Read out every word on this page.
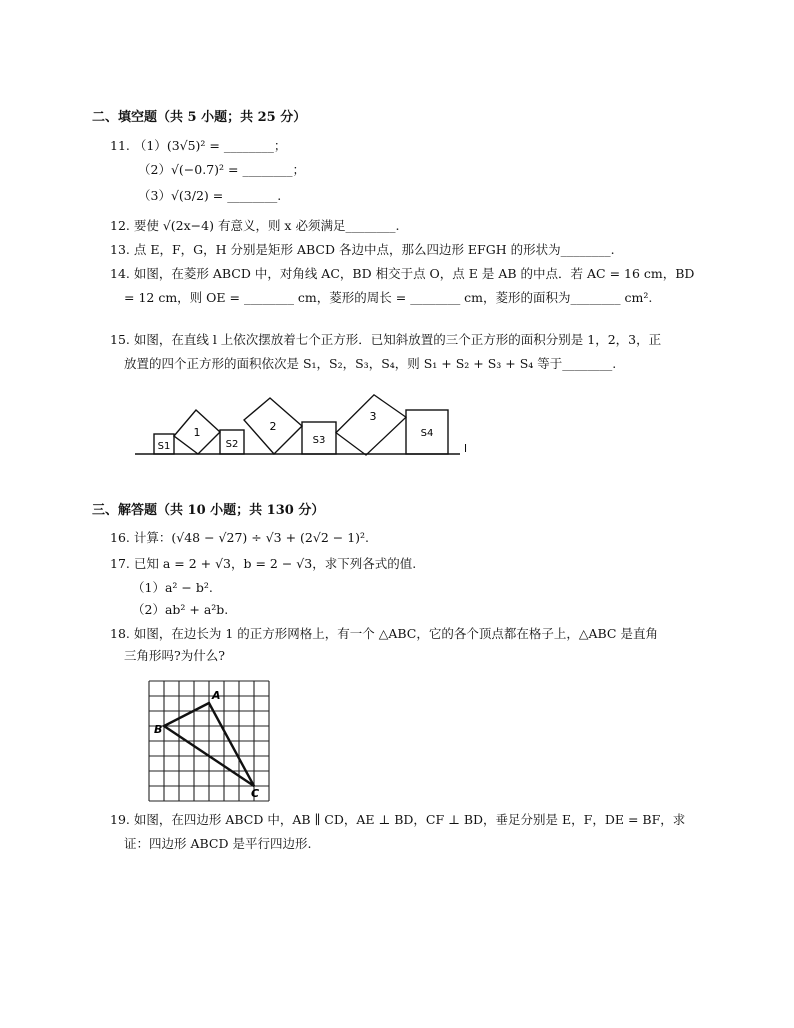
二、填空题（共 5 小题；共 25 分）
11. （1）(3√5)² = ________；
（2）√(−0.7)² = ________；
（3）√(3/2) = ________.
12. 要使 √(2x−4) 有意义，则 x 必须满足________.
13. 点 E，F，G，H 分别是矩形 ABCD 各边中点，那么四边形 EFGH 的形状为________.
14. 如图，在菱形 ABCD 中，对角线 AC，BD 相交于点 O，点 E 是 AB 的中点．若 AC = 16 cm，BD
= 12 cm，则 OE = ________ cm，菱形的周长 = ________ cm，菱形的面积为________ cm².
15. 如图，在直线 l 上依次摆放着七个正方形．已知斜放置的三个正方形的面积分别是 1，2，3，正
放置的四个正方形的面积依次是 S₁，S₂，S₃，S₄，则 S₁ + S₂ + S₃ + S₄ 等于________.
S1
1
S2
2
S3
3
S4
l
三、解答题（共 10 小题；共 130 分）
16. 计算：(√48 − √27) ÷ √3 + (2√2 − 1)².
17. 已知 a = 2 + √3，b = 2 − √3，求下列各式的值.
（1）a² − b².
（2）ab² + a²b.
18. 如图，在边长为 1 的正方形网格上，有一个 △ABC，它的各个顶点都在格子上，△ABC 是直角
三角形吗?为什么?
A
B
C
19. 如图，在四边形 ABCD 中，AB ∥ CD，AE ⊥ BD，CF ⊥ BD，垂足分别是 E，F，DE = BF，求
证：四边形 ABCD 是平行四边形.
